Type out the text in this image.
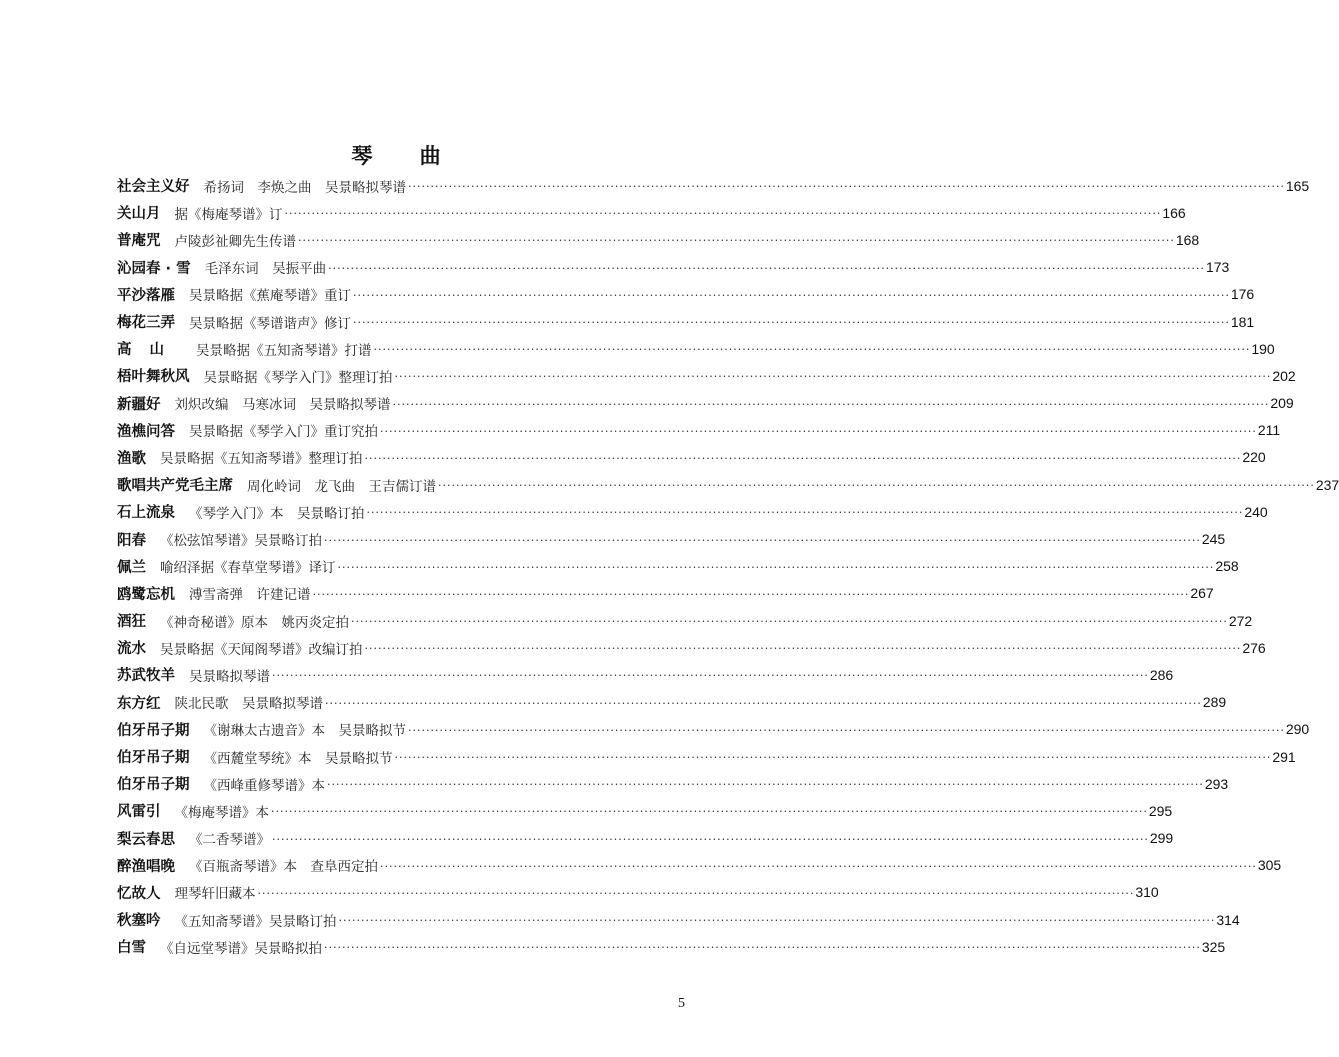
琴 曲
社会主义好 希扬词　李焕之曲　吴景略拟琴谱 ·····	165
关山月 据《梅庵琴谱》订 ·····	166
普庵咒 卢陵彭祉卿先生传谱 ·····	168
沁园春 · 雪 毛泽东词　吴振平曲 ·····	173
平沙落雁 吴景略据《蕉庵琴谱》重订 ·····	176
梅花三弄 吴景略据《琴谱谐声》修订 ·····	181
高山 吴景略据《五知斋琴谱》打谱 ·····	190
梧叶舞秋风 吴景略据《琴学入门》整理订拍 ·····	202
新疆好 刘炽改编　马寒冰词　吴景略拟琴谱 ·····	209
渔樵问答 吴景略据《琴学入门》重订究拍 ·····	211
渔歌 吴景略据《五知斋琴谱》整理订拍 ·····	220
歌唱共产党毛主席 周化岭词　龙飞曲　王吉儒订谱 ·····	237
石上流泉 《琴学入门》本　吴景略订拍 ·····	240
阳春 《松弦馆琴谱》吴景略订拍 ·····	245
佩兰 喻绍泽据《春草堂琴谱》译订 ·····	258
鸥鹭忘机 溥雪斋弹　许建记谱 ·····	267
酒狂 《神奇秘谱》原本　姚丙炎定拍 ·····	272
流水 吴景略据《天闻阁琴谱》改编订拍 ·····	276
苏武牧羊 吴景略拟琴谱 ·····	286
东方红 陕北民歌　吴景略拟琴谱 ·····	289
伯牙吊子期 《谢琳太古遗音》本　吴景略拟节 ·····	290
伯牙吊子期 《西麓堂琴统》本　吴景略拟节 ·····	291
伯牙吊子期 《西峰重修琴谱》本 ·····	293
风雷引 《梅庵琴谱》本 ·····	295
梨云春思 《二香琴谱》 ·····	299
醉渔唱晚 《百瓶斋琴谱》本　查阜西定拍 ·····	305
忆故人 理琴轩旧藏本 ·····	310
秋塞吟 《五知斋琴谱》吴景略订拍 ·····	314
白雪 《自远堂琴谱》吴景略拟拍 ·····	325
5
